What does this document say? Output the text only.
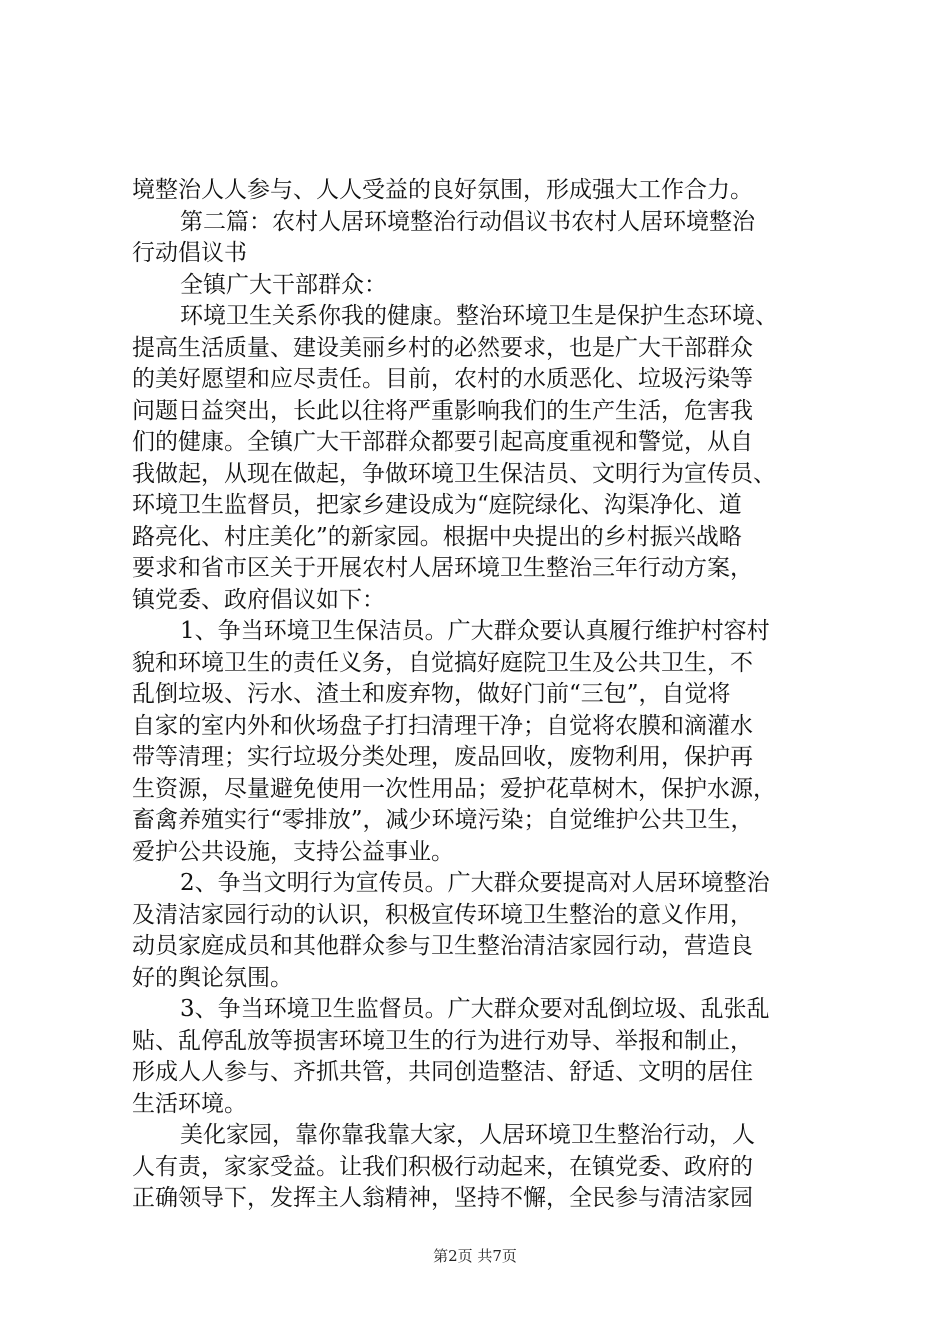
境整治人人参与、人人受益的良好氛围，形成强大工作合力。
第二篇：农村人居环境整治行动倡议书农村人居环境整治
行动倡议书
全镇广大干部群众：
环境卫生关系你我的健康。整治环境卫生是保护生态环境、
提高生活质量、建设美丽乡村的必然要求，也是广大干部群众
的美好愿望和应尽责任。目前，农村的水质恶化、垃圾污染等
问题日益突出，长此以往将严重影响我们的生产生活，危害我
们的健康。全镇广大干部群众都要引起高度重视和警觉，从自
我做起，从现在做起，争做环境卫生保洁员、文明行为宣传员、
环境卫生监督员，把家乡建设成为“庭院绿化、沟渠净化、道
路亮化、村庄美化”的新家园。根据中央提出的乡村振兴战略
要求和省市区关于开展农村人居环境卫生整治三年行动方案，
镇党委、政府倡议如下：
1、争当环境卫生保洁员。广大群众要认真履行维护村容村
貌和环境卫生的责任义务，自觉搞好庭院卫生及公共卫生，不
乱倒垃圾、污水、渣土和废弃物，做好门前“三包”，自觉将
自家的室内外和伙场盘子打扫清理干净；自觉将农膜和滴灌水
带等清理；实行垃圾分类处理，废品回收，废物利用，保护再
生资源，尽量避免使用一次性用品；爱护花草树木，保护水源，
畜禽养殖实行“零排放”，减少环境污染；自觉维护公共卫生，
爱护公共设施，支持公益事业。
2、争当文明行为宣传员。广大群众要提高对人居环境整治
及清洁家园行动的认识，积极宣传环境卫生整治的意义作用，
动员家庭成员和其他群众参与卫生整治清洁家园行动，营造良
好的舆论氛围。
3、争当环境卫生监督员。广大群众要对乱倒垃圾、乱张乱
贴、乱停乱放等损害环境卫生的行为进行劝导、举报和制止，
形成人人参与、齐抓共管，共同创造整洁、舒适、文明的居住
生活环境。
美化家园，靠你靠我靠大家，人居环境卫生整治行动，人
人有责，家家受益。让我们积极行动起来，在镇党委、政府的
正确领导下，发挥主人翁精神，坚持不懈，全民参与清洁家园
第2页 共7页
